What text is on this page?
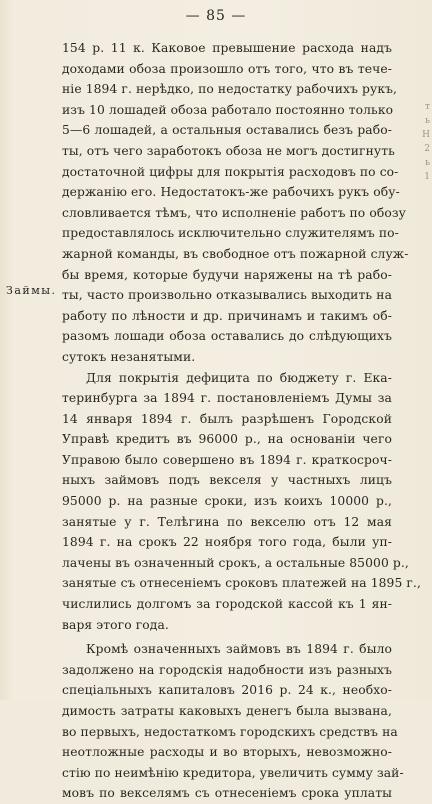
— 85 —
Займы.
т
ь
Н
2
ь
1
154 р. 11 к. Каковое превышение расхода надъ
доходами обоза произошло отъ того, что въ тече-
ніе 1894 г. нерѣдко, по недостатку рабочихъ рукъ,
изъ 10 лошадей обоза работало постоянно только
5—6 лошадей, а остальныя оставались безъ рабо-
ты, отъ чего заработокъ обоза не могъ достигнуть
достаточной цифры для покрытія расходовъ по со-
держанію его. Недостатокъ-же рабочихъ рукъ обу-
словливается тѣмъ, что исполненіе работъ по обозу
предоставлялось исключительно служителямъ по-
жарной команды, въ свободное отъ пожарной служ-
бы время, которые будучи наряжены на тѣ рабо-
ты, часто произвольно отказывались выходить на
работу по лѣности и др. причинамъ и такимъ об-
разомъ лошади обоза оставались до слѣдующихъ
сутокъ незанятыми.
Для покрытія дефицита по бюджету г. Ека-
теринбурга за 1894 г. постановленіемъ Думы за
14 января 1894 г. былъ разрѣшенъ Городской
Управѣ кредитъ въ 96000 р., на основаніи чего
Управою было совершено въ 1894 г. краткосроч-
ныхъ займовъ подъ векселя у частныхъ лицъ
95000 р. на разные сроки, изъ коихъ 10000 р.,
занятые у г. Телѣгина по векселю отъ 12 мая
1894 г. на срокъ 22 ноября того года, были уп-
лачены въ означенный срокъ, а остальные 85000 р.,
занятые съ отнесеніемъ сроковъ платежей на 1895 г.,
числились долгомъ за городской кассой къ 1 ян-
варя этого года.
Кромѣ означенныхъ займовъ въ 1894 г. было
задолжено на городскія надобности изъ разныхъ
спеціальныхъ капиталовъ 2016 р. 24 к., необхо-
димость затраты каковыхъ денегъ была вызвана,
во первыхъ, недостаткомъ городскихъ средствъ на
неотложные расходы и во вторыхъ, невозможно-
стію по неимѣнію кредитора, увеличить сумму зай-
мовъ по векселямъ съ отнесеніемъ срока уплаты
